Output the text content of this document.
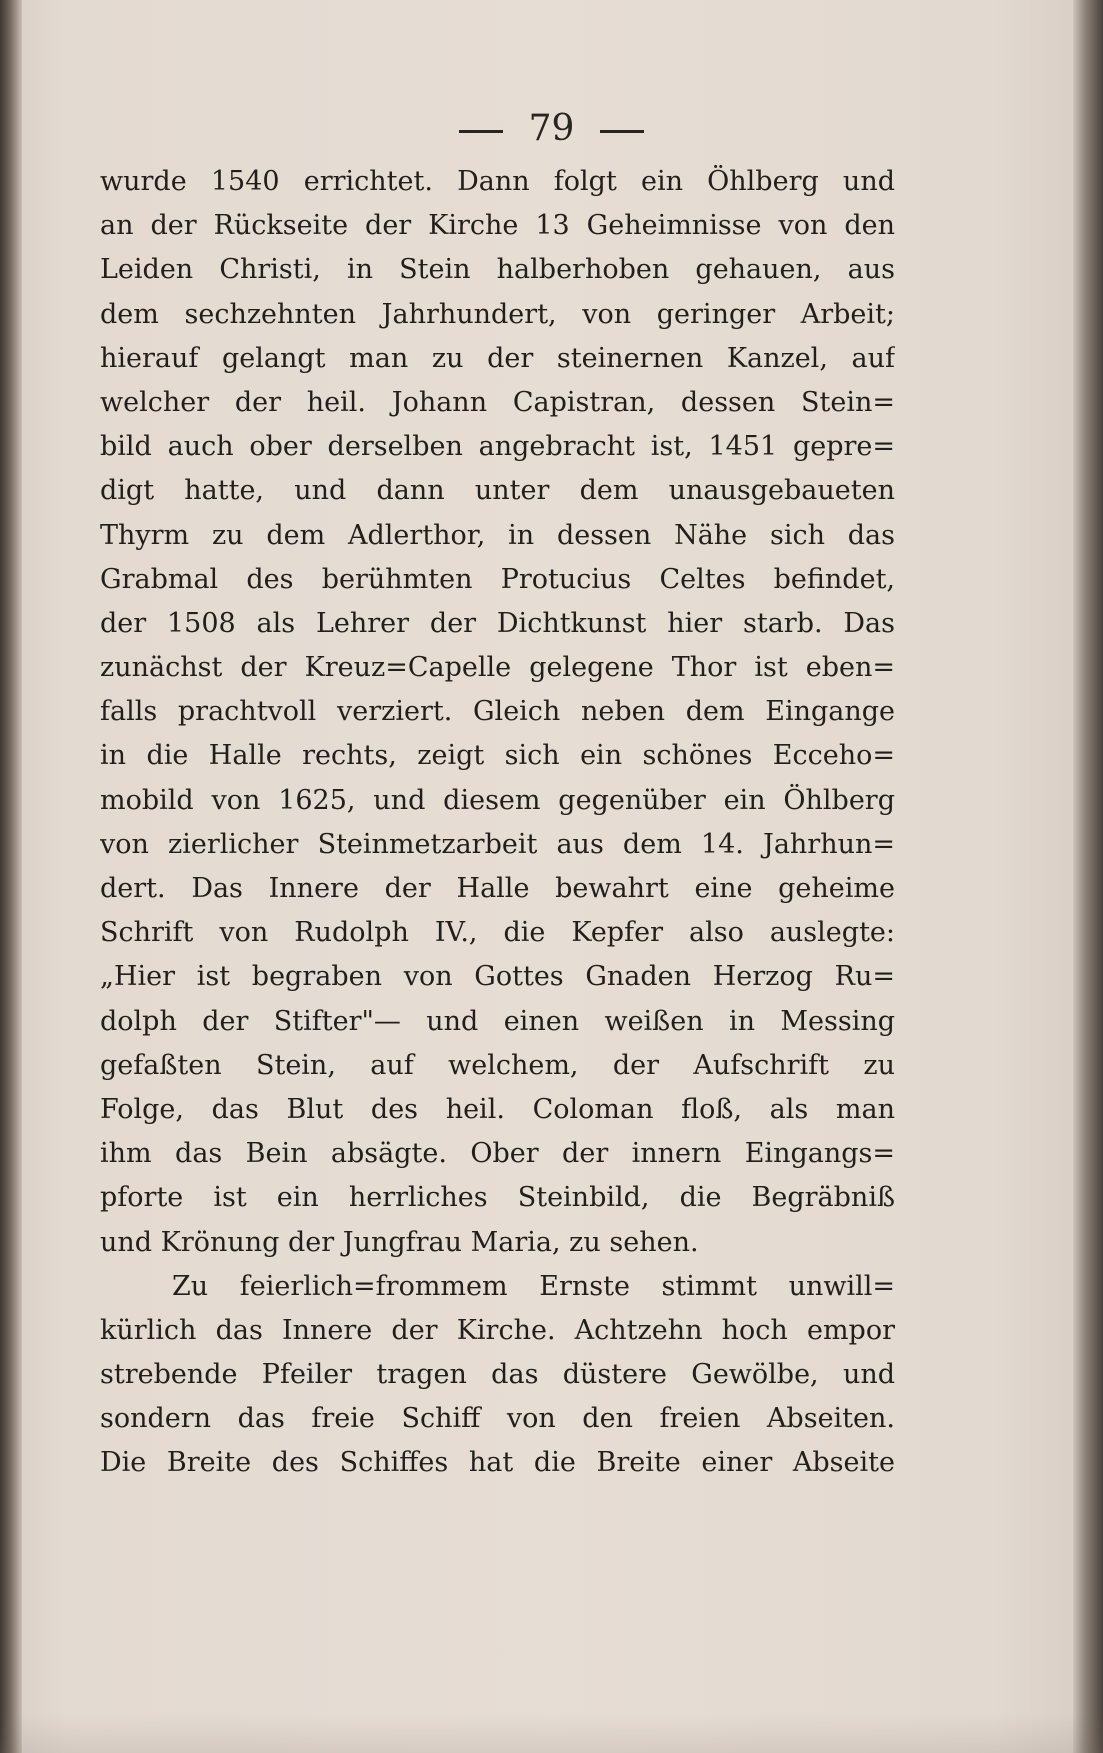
79
wurde 1540 errichtet. Dann folgt ein Öhlberg und
an der Rückseite der Kirche 13 Geheimnisse von den
Leiden Christi, in Stein halberhoben gehauen, aus
dem sechzehnten Jahrhundert, von geringer Arbeit;
hierauf gelangt man zu der steinernen Kanzel, auf
welcher der heil. Johann Capistran, dessen Stein=
bild auch ober derselben angebracht ist, 1451 gepre=
digt hatte, und dann unter dem unausgebaueten
Thyrm zu dem Adlerthor, in dessen Nähe sich das
Grabmal des berühmten Protucius Celtes befindet,
der 1508 als Lehrer der Dichtkunst hier starb. Das
zunächst der Kreuz=Capelle gelegene Thor ist eben=
falls prachtvoll verziert. Gleich neben dem Eingange
in die Halle rechts, zeigt sich ein schönes Ecceho=
mobild von 1625, und diesem gegenüber ein Öhlberg
von zierlicher Steinmetzarbeit aus dem 14. Jahrhun=
dert. Das Innere der Halle bewahrt eine geheime
Schrift von Rudolph IV., die Kepfer also auslegte:
„Hier ist begraben von Gottes Gnaden Herzog Ru=
dolph der Stifter"— und einen weißen in Messing
gefaßten Stein, auf welchem, der Aufschrift zu
Folge, das Blut des heil. Coloman floß, als man
ihm das Bein absägte. Ober der innern Eingangs=
pforte ist ein herrliches Steinbild, die Begräbniß
und Krönung der Jungfrau Maria, zu sehen.
Zu feierlich=frommem Ernste stimmt unwill=
kürlich das Innere der Kirche. Achtzehn hoch empor
strebende Pfeiler tragen das düstere Gewölbe, und
sondern das freie Schiff von den freien Abseiten.
Die Breite des Schiffes hat die Breite einer Abseite
